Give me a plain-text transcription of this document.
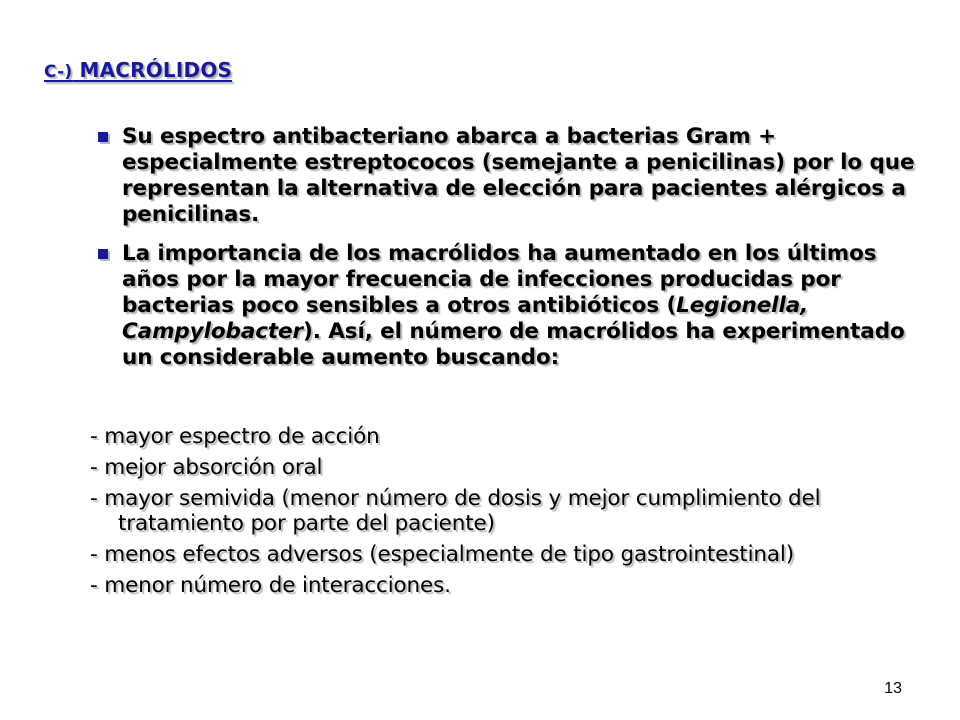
C-) MACRÓLIDOS
Su espectro antibacteriano abarca a bacterias Gram + especialmente estreptococos (semejante a penicilinas) por lo que representan la alternativa de elección para pacientes alérgicos a penicilinas.
La importancia de los macrólidos ha aumentado en los últimos años por la mayor frecuencia de infecciones producidas por bacterias poco sensibles a otros antibióticos (Legionella, Campylobacter). Así, el número de macrólidos ha experimentado un considerable aumento buscando:
- mayor espectro de acción
- mejor absorción oral
- mayor semivida (menor número de dosis y mejor cumplimiento del tratamiento por parte del paciente)
- menos efectos adversos (especialmente de tipo gastrointestinal)
- menor número de interacciones.
13
